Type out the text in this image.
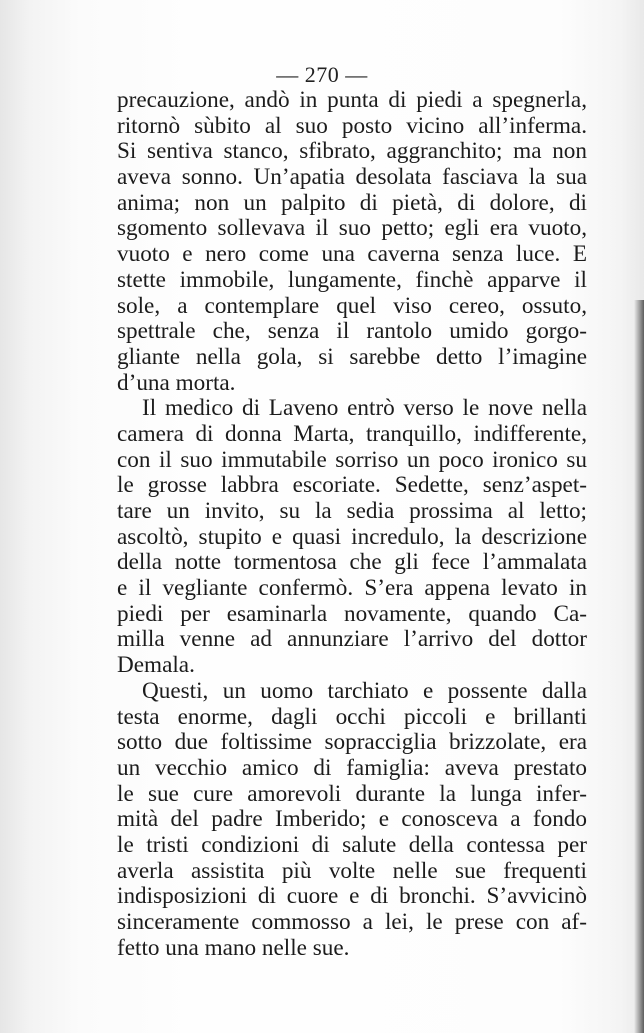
— 270 —
precauzione, andò in punta di piedi a spegnerla,
ritornò sùbito al suo posto vicino all’inferma.
Si sentiva stanco, sfibrato, aggranchito; ma non
aveva sonno. Un’apatia desolata fasciava la sua
anima; non un palpito di pietà, di dolore, di
sgomento sollevava il suo petto; egli era vuoto,
vuoto e nero come una caverna senza luce. E
stette immobile, lungamente, finchè apparve il
sole, a contemplare quel viso cereo, ossuto,
spettrale che, senza il rantolo umido gorgo-
gliante nella gola, si sarebbe detto l’imagine
d’una morta.
Il medico di Laveno entrò verso le nove nella
camera di donna Marta, tranquillo, indifferente,
con il suo immutabile sorriso un poco ironico su
le grosse labbra escoriate. Sedette, senz’aspet-
tare un invito, su la sedia prossima al letto;
ascoltò, stupito e quasi incredulo, la descrizione
della notte tormentosa che gli fece l’ammalata
e il vegliante confermò. S’era appena levato in
piedi per esaminarla novamente, quando Ca-
milla venne ad annunziare l’arrivo del dottor
Demala.
Questi, un uomo tarchiato e possente dalla
testa enorme, dagli occhi piccoli e brillanti
sotto due foltissime sopracciglia brizzolate, era
un vecchio amico di famiglia: aveva prestato
le sue cure amorevoli durante la lunga infer-
mità del padre Imberido; e conosceva a fondo
le tristi condizioni di salute della contessa per
averla assistita più volte nelle sue frequenti
indisposizioni di cuore e di bronchi. S’avvicinò
sinceramente commosso a lei, le prese con af-
fetto una mano nelle sue.
